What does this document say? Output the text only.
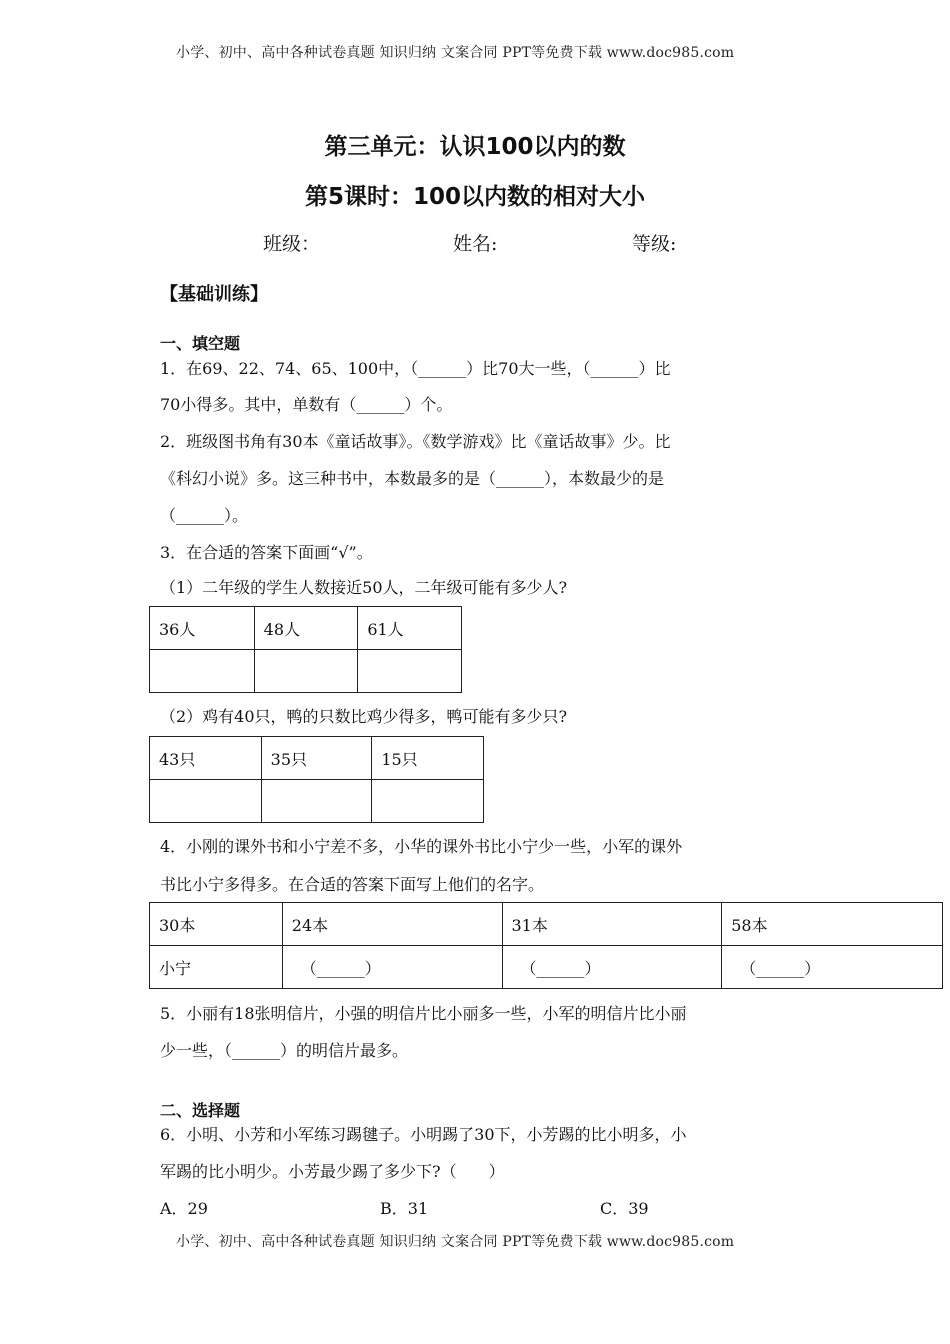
小学、初中、高中各种试卷真题 知识归纳 文案合同 PPT等免费下载 www.doc985.com
第三单元：认识100以内的数
第5课时：100以内数的相对大小
班级：	姓名:	等级:
【基础训练】
一、填空题
1．在69、22、74、65、100中，（______）比70大一些，（______）比
70小得多。其中，单数有（______）个。
2．班级图书角有30本《童话故事》。《数学游戏》比《童话故事》少。比
《科幻小说》多。这三种书中，本数最多的是（______），本数最少的是
（______）。
3．在合适的答案下面画“√”。
（1）二年级的学生人数接近50人，二年级可能有多少人?
36人	48人	61人

（2）鸡有40只，鸭的只数比鸡少得多，鸭可能有多少只?
43只	35只	15只

4．小刚的课外书和小宁差不多，小华的课外书比小宁少一些，小军的课外
书比小宁多得多。在合适的答案下面写上他们的名字。
30本	24本	31本	58本
小宁	（______）	（______）	（______）
5．小丽有18张明信片，小强的明信片比小丽多一些，小军的明信片比小丽
少一些，（______）的明信片最多。
二、选择题
6．小明、小芳和小军练习踢毽子。小明踢了30下，小芳踢的比小明多，小
军踢的比小明少。小芳最少踢了多少下?（　　）
A．29	B．31	C．39
小学、初中、高中各种试卷真题 知识归纳 文案合同 PPT等免费下载 www.doc985.com
